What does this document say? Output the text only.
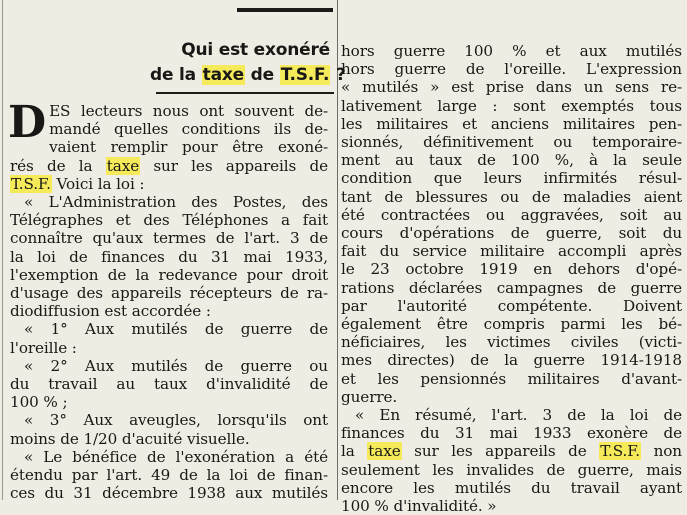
Qui est exonéré
de la taxe de T.S.F. ?
D ES lecteurs nous ont souvent de-
mandé quelles conditions ils de-
vaient remplir pour être exoné-
rés de la taxe sur les appareils de
T.S.F. Voici la loi :
« L'Administration des Postes, des
Télégraphes et des Téléphones a fait
connaître qu'aux termes de l'art. 3 de
la loi de finances du 31 mai 1933,
l'exemption de la redevance pour droit
d'usage des appareils récepteurs de ra-
diodiffusion est accordée :
« 1° Aux mutilés de guerre de
l'oreille :
« 2° Aux mutilés de guerre ou
du travail au taux d'invalidité de
100 % ;
« 3° Aux aveugles, lorsqu'ils ont
moins de 1/20 d'acuité visuelle.
« Le bénéfice de l'exonération a été
étendu par l'art. 49 de la loi de finan-
ces du 31 décembre 1938 aux mutilés
hors guerre 100 % et aux mutilés
hors guerre de l'oreille. L'expression
« mutilés » est prise dans un sens re-
lativement large : sont exemptés tous
les militaires et anciens militaires pen-
sionnés, définitivement ou temporaire-
ment au taux de 100 %, à la seule
condition que leurs infirmités résul-
tant de blessures ou de maladies aient
été contractées ou aggravées, soit au
cours d'opérations de guerre, soit du
fait du service militaire accompli après
le 23 octobre 1919 en dehors d'opé-
rations déclarées campagnes de guerre
par l'autorité compétente. Doivent
également être compris parmi les bé-
néficiaires, les victimes civiles (victi-
mes directes) de la guerre 1914-1918
et les pensionnés militaires d'avant-
guerre.
« En résumé, l'art. 3 de la loi de
finances du 31 mai 1933 exonère de
la taxe sur les appareils de T.S.F. non
seulement les invalides de guerre, mais
encore les mutilés du travail ayant
100 % d'invalidité. »
